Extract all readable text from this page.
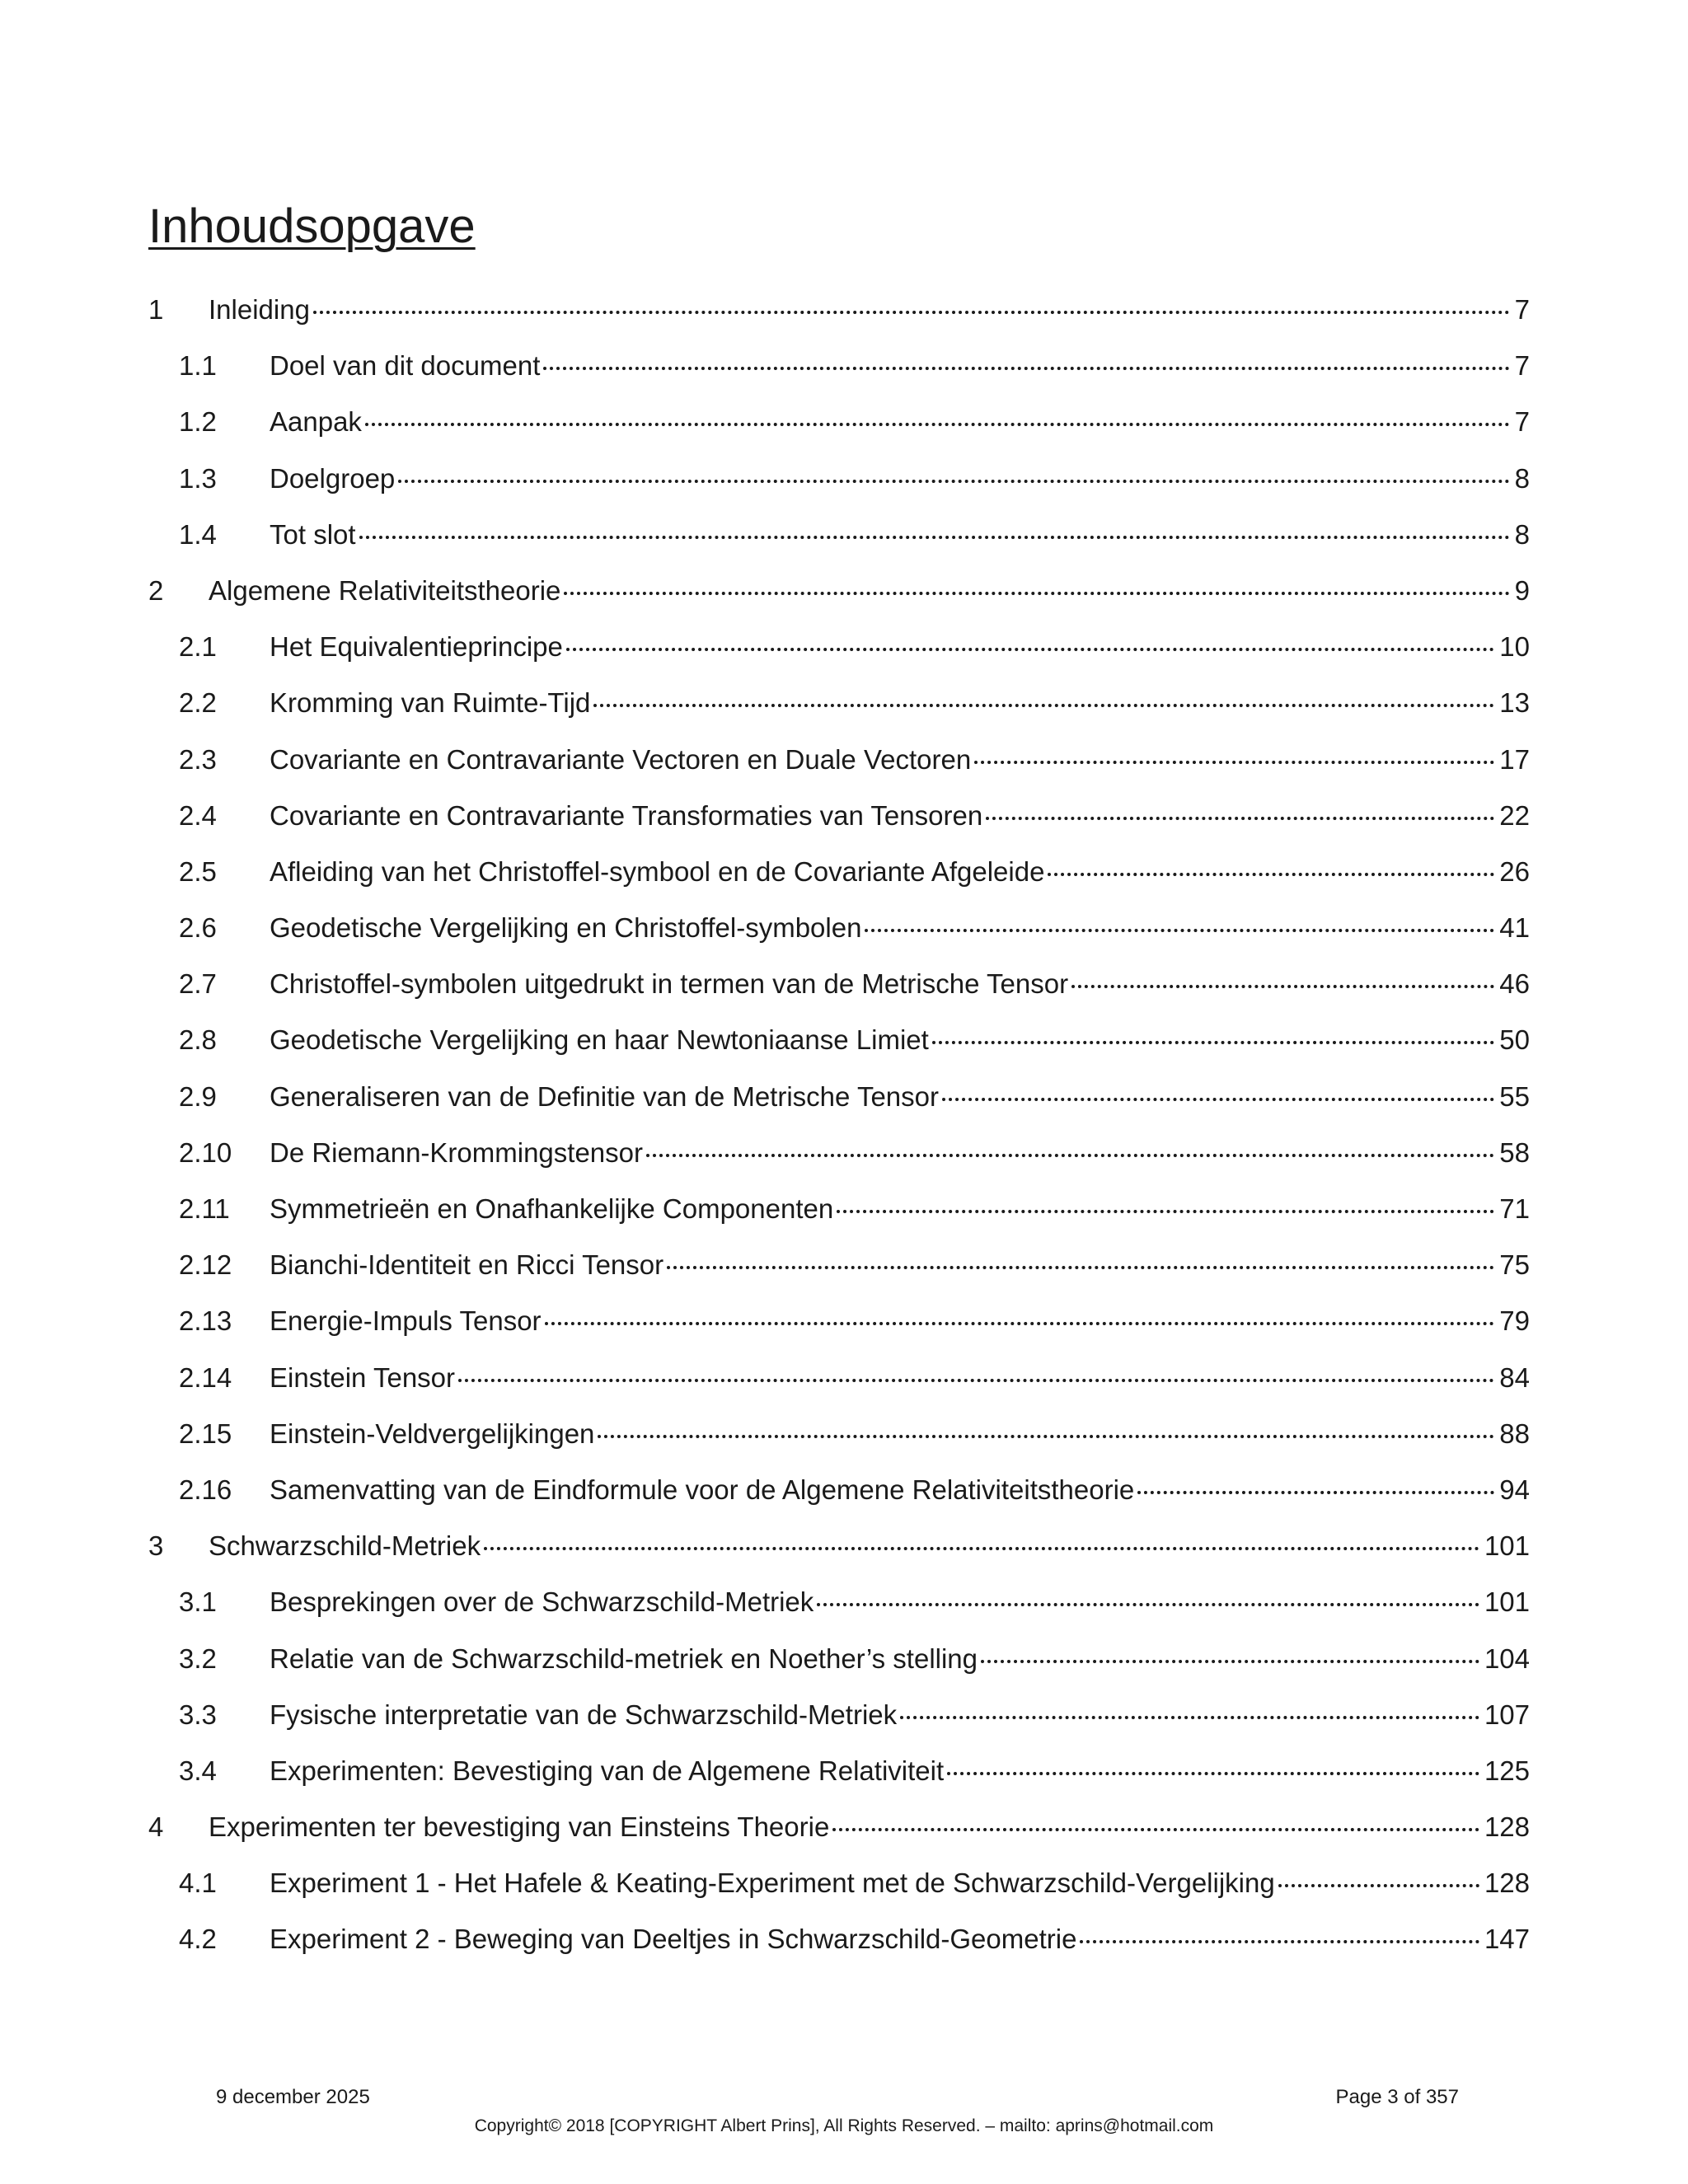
Inhoudsopgave
1	Inleiding	7
1.1	Doel van dit document	7
1.2	Aanpak	7
1.3	Doelgroep	8
1.4	Tot slot	8
2	Algemene Relativiteitstheorie	9
2.1	Het Equivalentieprincipe	10
2.2	Kromming van Ruimte-Tijd	13
2.3	Covariante en Contravariante Vectoren en Duale Vectoren	17
2.4	Covariante en Contravariante Transformaties van Tensoren	22
2.5	Afleiding van het Christoffel-symbool en de Covariante Afgeleide	26
2.6	Geodetische Vergelijking en Christoffel-symbolen	41
2.7	Christoffel-symbolen uitgedrukt in termen van de Metrische Tensor	46
2.8	Geodetische Vergelijking en haar Newtoniaanse Limiet	50
2.9	Generaliseren van de Definitie van de Metrische Tensor	55
2.10	De Riemann-Krommingstensor	58
2.11	Symmetrieën en Onafhankelijke Componenten	71
2.12	Bianchi-Identiteit en Ricci Tensor	75
2.13	Energie-Impuls Tensor	79
2.14	Einstein Tensor	84
2.15	Einstein-Veldvergelijkingen	88
2.16	Samenvatting van de Eindformule voor de Algemene Relativiteitstheorie	94
3	Schwarzschild-Metriek	101
3.1	Besprekingen over de Schwarzschild-Metriek	101
3.2	Relatie van de Schwarzschild-metriek en Noether’s stelling	104
3.3	Fysische interpretatie van de Schwarzschild-Metriek	107
3.4	Experimenten: Bevestiging van de Algemene Relativiteit	125
4	Experimenten ter bevestiging van Einsteins Theorie	128
4.1	Experiment 1 - Het Hafele & Keating-Experiment met de Schwarzschild-Vergelijking	128
4.2	Experiment 2 - Beweging van Deeltjes in Schwarzschild-Geometrie	147
9 december 2025	Page 3 of 357
Copyright© 2018 [COPYRIGHT Albert Prins], All Rights Reserved. – mailto: aprins@hotmail.com
